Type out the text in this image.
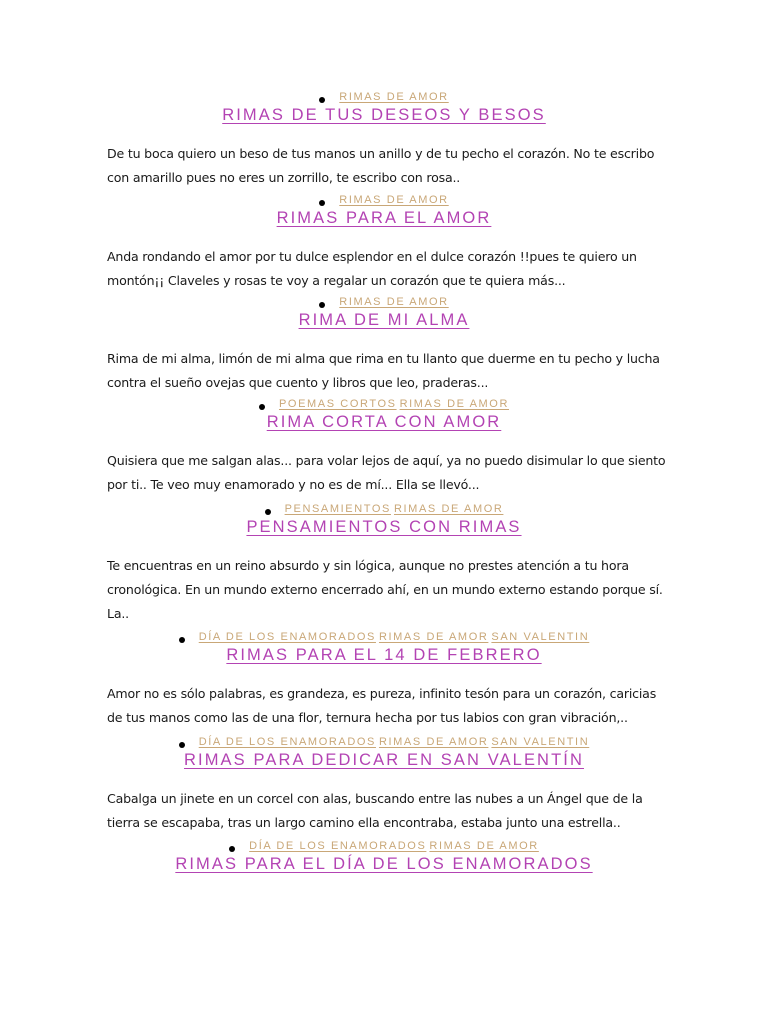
RIMAS DE AMOR
RIMAS DE TUS DESEOS Y BESOS
De tu boca quiero un beso de tus manos un anillo y de tu pecho el corazón. No te escribo con amarillo pues no eres un zorrillo, te escribo con rosa..
RIMAS DE AMOR
RIMAS PARA EL AMOR
Anda rondando el amor por tu dulce esplendor en el dulce corazón !!pues te quiero un montón¡¡ Claveles y rosas te voy a regalar un corazón que te quiera más...
RIMAS DE AMOR
RIMA DE MI ALMA
Rima de mi alma, limón de mi alma que rima en tu llanto que duerme en tu pecho y lucha contra el sueño ovejas que cuento y libros que leo, praderas...
POEMAS CORTOS RIMAS DE AMOR
RIMA CORTA CON AMOR
Quisiera que me salgan alas... para volar lejos de aquí, ya no puedo disimular lo que siento por ti.. Te veo muy enamorado y no es de mí... Ella se llevó...
PENSAMIENTOS RIMAS DE AMOR
PENSAMIENTOS CON RIMAS
Te encuentras en un reino absurdo y sin lógica, aunque no prestes atención a tu hora cronológica. En un mundo externo encerrado ahí, en un mundo externo estando porque sí. La..
DÍA DE LOS ENAMORADOS RIMAS DE AMOR SAN VALENTIN
RIMAS PARA EL 14 DE FEBRERO
Amor no es sólo palabras, es grandeza, es pureza, infinito tesón para un corazón, caricias de tus manos como las de una flor, ternura hecha por tus labios con gran vibración,..
DÍA DE LOS ENAMORADOS RIMAS DE AMOR SAN VALENTIN
RIMAS PARA DEDICAR EN SAN VALENTÍN
Cabalga un jinete en un corcel con alas, buscando entre las nubes a un Ángel que de la tierra se escapaba, tras un largo camino ella encontraba, estaba junto una estrella..
DÍA DE LOS ENAMORADOS RIMAS DE AMOR
RIMAS PARA EL DÍA DE LOS ENAMORADOS
